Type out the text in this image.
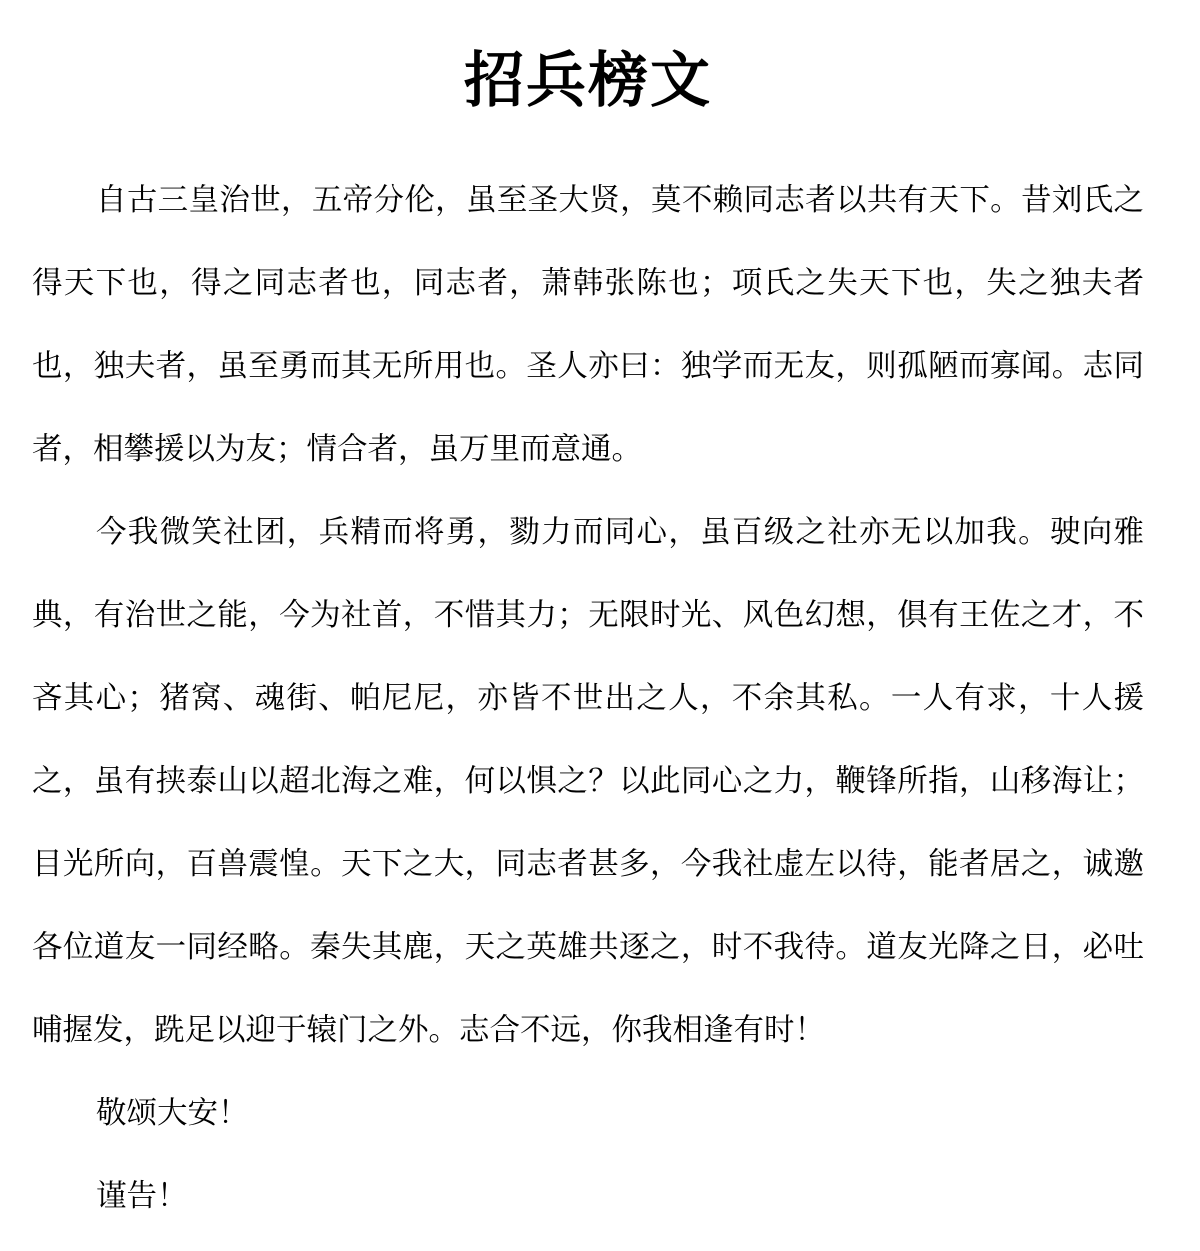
招兵榜文

自古三皇治世，五帝分伦，虽至圣大贤，莫不赖同志者以共有天下。昔刘氏之得天下也，得之同志者也，同志者，萧韩张陈也；项氏之失天下也，失之独夫者也，独夫者，虽至勇而其无所用也。圣人亦曰：独学而无友，则孤陋而寡闻。志同者，相攀援以为友；情合者，虽万里而意通。

今我微笑社团，兵精而将勇，勠力而同心，虽百级之社亦无以加我。驶向雅典，有治世之能，今为社首，不惜其力；无限时光、风色幻想，俱有王佐之才，不吝其心；猪窝、魂街、帕尼尼，亦皆不世出之人，不余其私。一人有求，十人援之，虽有挟泰山以超北海之难，何以惧之？以此同心之力，鞭锋所指，山移海让；目光所向，百兽震惶。天下之大，同志者甚多，今我社虚左以待，能者居之，诚邀各位道友一同经略。秦失其鹿，天之英雄共逐之，时不我待。道友光降之日，必吐哺握发，跣足以迎于辕门之外。志合不远，你我相逢有时！

敬颂大安！

谨告！
